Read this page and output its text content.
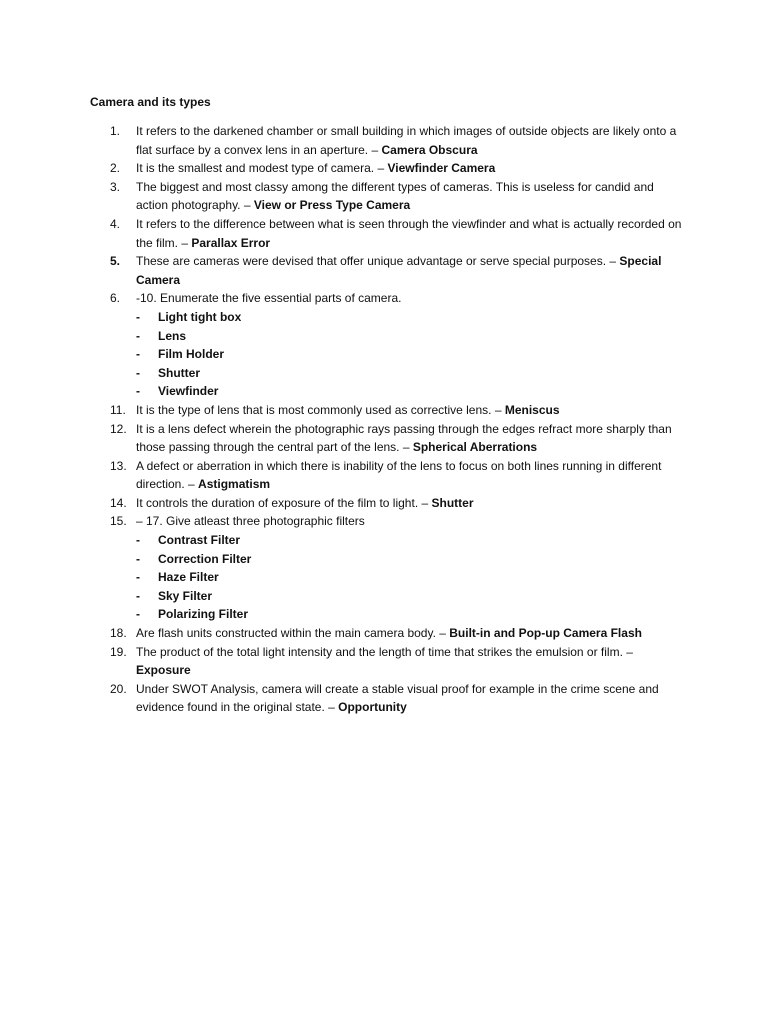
Camera and its types
1.	It refers to the darkened chamber or small building in which images of outside objects are likely onto a flat surface by a convex lens in an aperture. – Camera Obscura
2.	It is the smallest and modest type of camera. – Viewfinder Camera
3.	The biggest and most classy among the different types of cameras. This is useless for candid and action photography. – View or Press Type Camera
4.	It refers to the difference between what is seen through the viewfinder and what is actually recorded on the film. – Parallax Error
5.	These are cameras were devised that offer unique advantage or serve special purposes. – Special Camera
6.	-10. Enumerate the five essential parts of camera.
- Light tight box
- Lens
- Film Holder
- Shutter
- Viewfinder
11. It is the type of lens that is most commonly used as corrective lens. – Meniscus
12. It is a lens defect wherein the photographic rays passing through the edges refract more sharply than those passing through the central part of the lens. – Spherical Aberrations
13. A defect or aberration in which there is inability of the lens to focus on both lines running in different direction. – Astigmatism
14. It controls the duration of exposure of the film to light. – Shutter
15. – 17. Give atleast three photographic filters
- Contrast Filter
- Correction Filter
- Haze Filter
- Sky Filter
- Polarizing Filter
18. Are flash units constructed within the main camera body. – Built-in and Pop-up Camera Flash
19. The product of the total light intensity and the length of time that strikes the emulsion or film. – Exposure
20. Under SWOT Analysis, camera will create a stable visual proof for example in the crime scene and evidence found in the original state. – Opportunity
